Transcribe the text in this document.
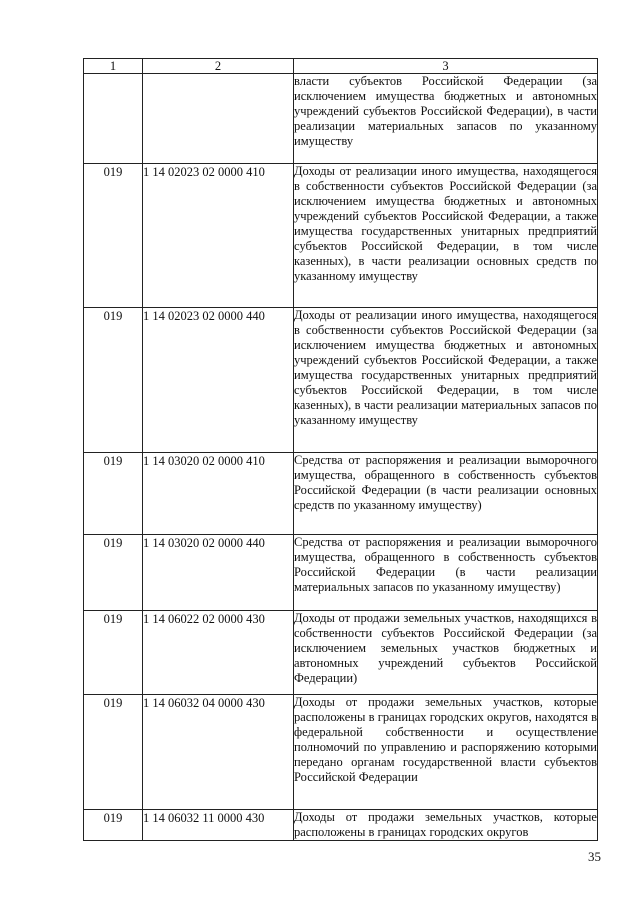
1	2	3
		власти субъектов Российской Федерации (за исключением имущества бюджетных и автономных учреждений субъектов Российской Федерации), в части реализации материальных запасов по указанному имуществу
019	1 14 02023 02 0000 410	Доходы от реализации иного имущества, находящегося в собственности субъектов Российской Федерации (за исключением имущества бюджетных и автономных учреждений субъектов Российской Федерации, а также имущества государственных унитарных предприятий субъектов Российской Федерации, в том числе казенных), в части реализации основных средств по указанному имуществу
019	1 14 02023 02 0000 440	Доходы от реализации иного имущества, находящегося в собственности субъектов Российской Федерации (за исключением имущества бюджетных и автономных учреждений субъектов Российской Федерации, а также имущества государственных унитарных предприятий субъектов Российской Федерации, в том числе казенных), в части реализации материальных запасов по указанному имуществу
019	1 14 03020 02 0000 410	Средства от распоряжения и реализации выморочного имущества, обращенного в собственность субъектов Российской Федерации (в части реализации основных средств по указанному имуществу)
019	1 14 03020 02 0000 440	Средства от распоряжения и реализации выморочного имущества, обращенного в собственность субъектов Российской Федерации (в части реализации материальных запасов по указанному имуществу)
019	1 14 06022 02 0000 430	Доходы от продажи земельных участков, находящихся в собственности субъектов Российской Федерации (за исключением земельных участков бюджетных и автономных учреждений субъектов Российской Федерации)
019	1 14 06032 04 0000 430	Доходы от продажи земельных участков, которые расположены в границах городских округов, находятся в федеральной собственности и осуществление полномочий по управлению и распоряжению которыми передано органам государственной власти субъектов Российской Федерации
019	1 14 06032 11 0000 430	Доходы от продажи земельных участков, которые расположены в границах городских округов
35
